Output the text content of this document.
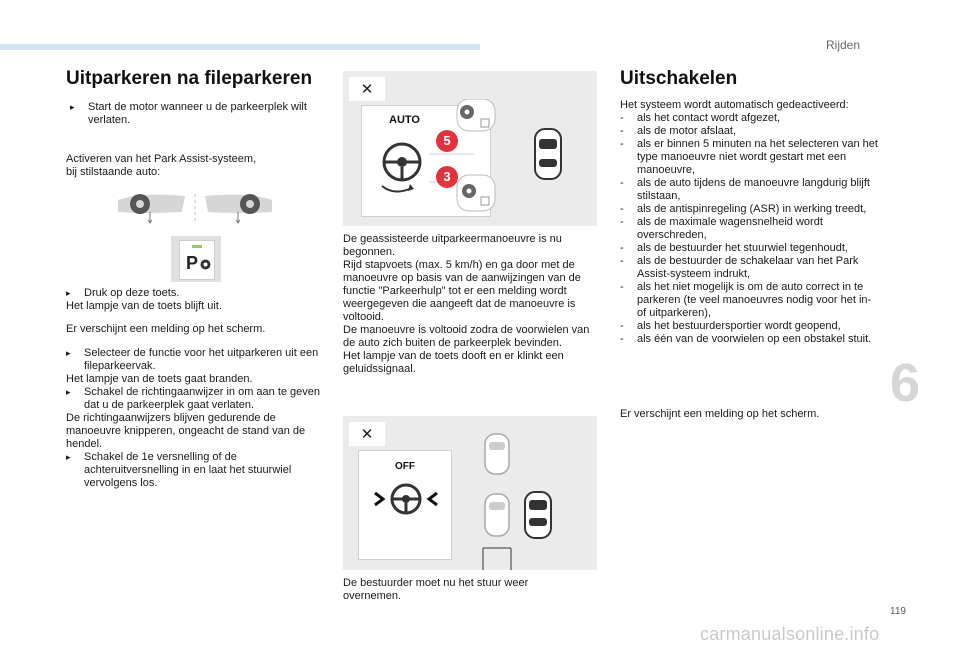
Rijden
6
119
carmanualsonline.info
Uitparkeren na fileparkeren

▸ Start de motor wanneer u de parkeerplek wilt verlaten.

Activeren van het Park Assist-systeem,
bij stilstaande auto:

P

▸ Druk op deze toets.
Het lampje van de toets blijft uit.

Er verschijnt een melding op het scherm.

▸ Selecteer de functie voor het uitparkeren uit een fileparkeervak.

Het lampje van de toets gaat branden.

▸ Schakel de richtingaanwijzer in om aan te geven dat u de parkeerplek gaat verlaten.

De richtingaanwijzers blijven gedurende de manoeuvre knipperen, ongeacht de stand van de hendel.

▸ Schakel de 1e versnelling of de achteruitversnelling in en laat het stuurwiel vervolgens los.

✕
AUTO
5
3

De geassisteerde uitparkeermanoeuvre is nu begonnen.

Rijd stapvoets (max. 5 km/h) en ga door met de manoeuvre op basis van de aanwijzingen van de functie "Parkeerhulp" tot er een melding wordt weergegeven die aangeeft dat de manoeuvre is voltooid.

De manoeuvre is voltooid zodra de voorwielen van de auto zich buiten de parkeerplek bevinden.

Het lampje van de toets dooft en er klinkt een geluidssignaal.

✕
OFF

De bestuurder moet nu het stuur weer overnemen.

Uitschakelen

Het systeem wordt automatisch gedeactiveerd:

- als het contact wordt afgezet,

- als de motor afslaat,

- als er binnen 5 minuten na het selecteren van het type manoeuvre niet wordt gestart met een manoeuvre,

- als de auto tijdens de manoeuvre langdurig blijft stilstaan,

- als de antispinregeling (ASR) in werking treedt,

- als de maximale wagensnelheid wordt overschreden,

- als de bestuurder het stuurwiel tegenhoudt,

- als de bestuurder de schakelaar van het Park Assist-systeem indrukt,

- als het niet mogelijk is om de auto correct in te parkeren (te veel manoeuvres nodig voor het in- of uitparkeren),

- als het bestuurdersportier wordt geopend,

- als één van de voorwielen op een obstakel stuit.

Er verschijnt een melding op het scherm.
